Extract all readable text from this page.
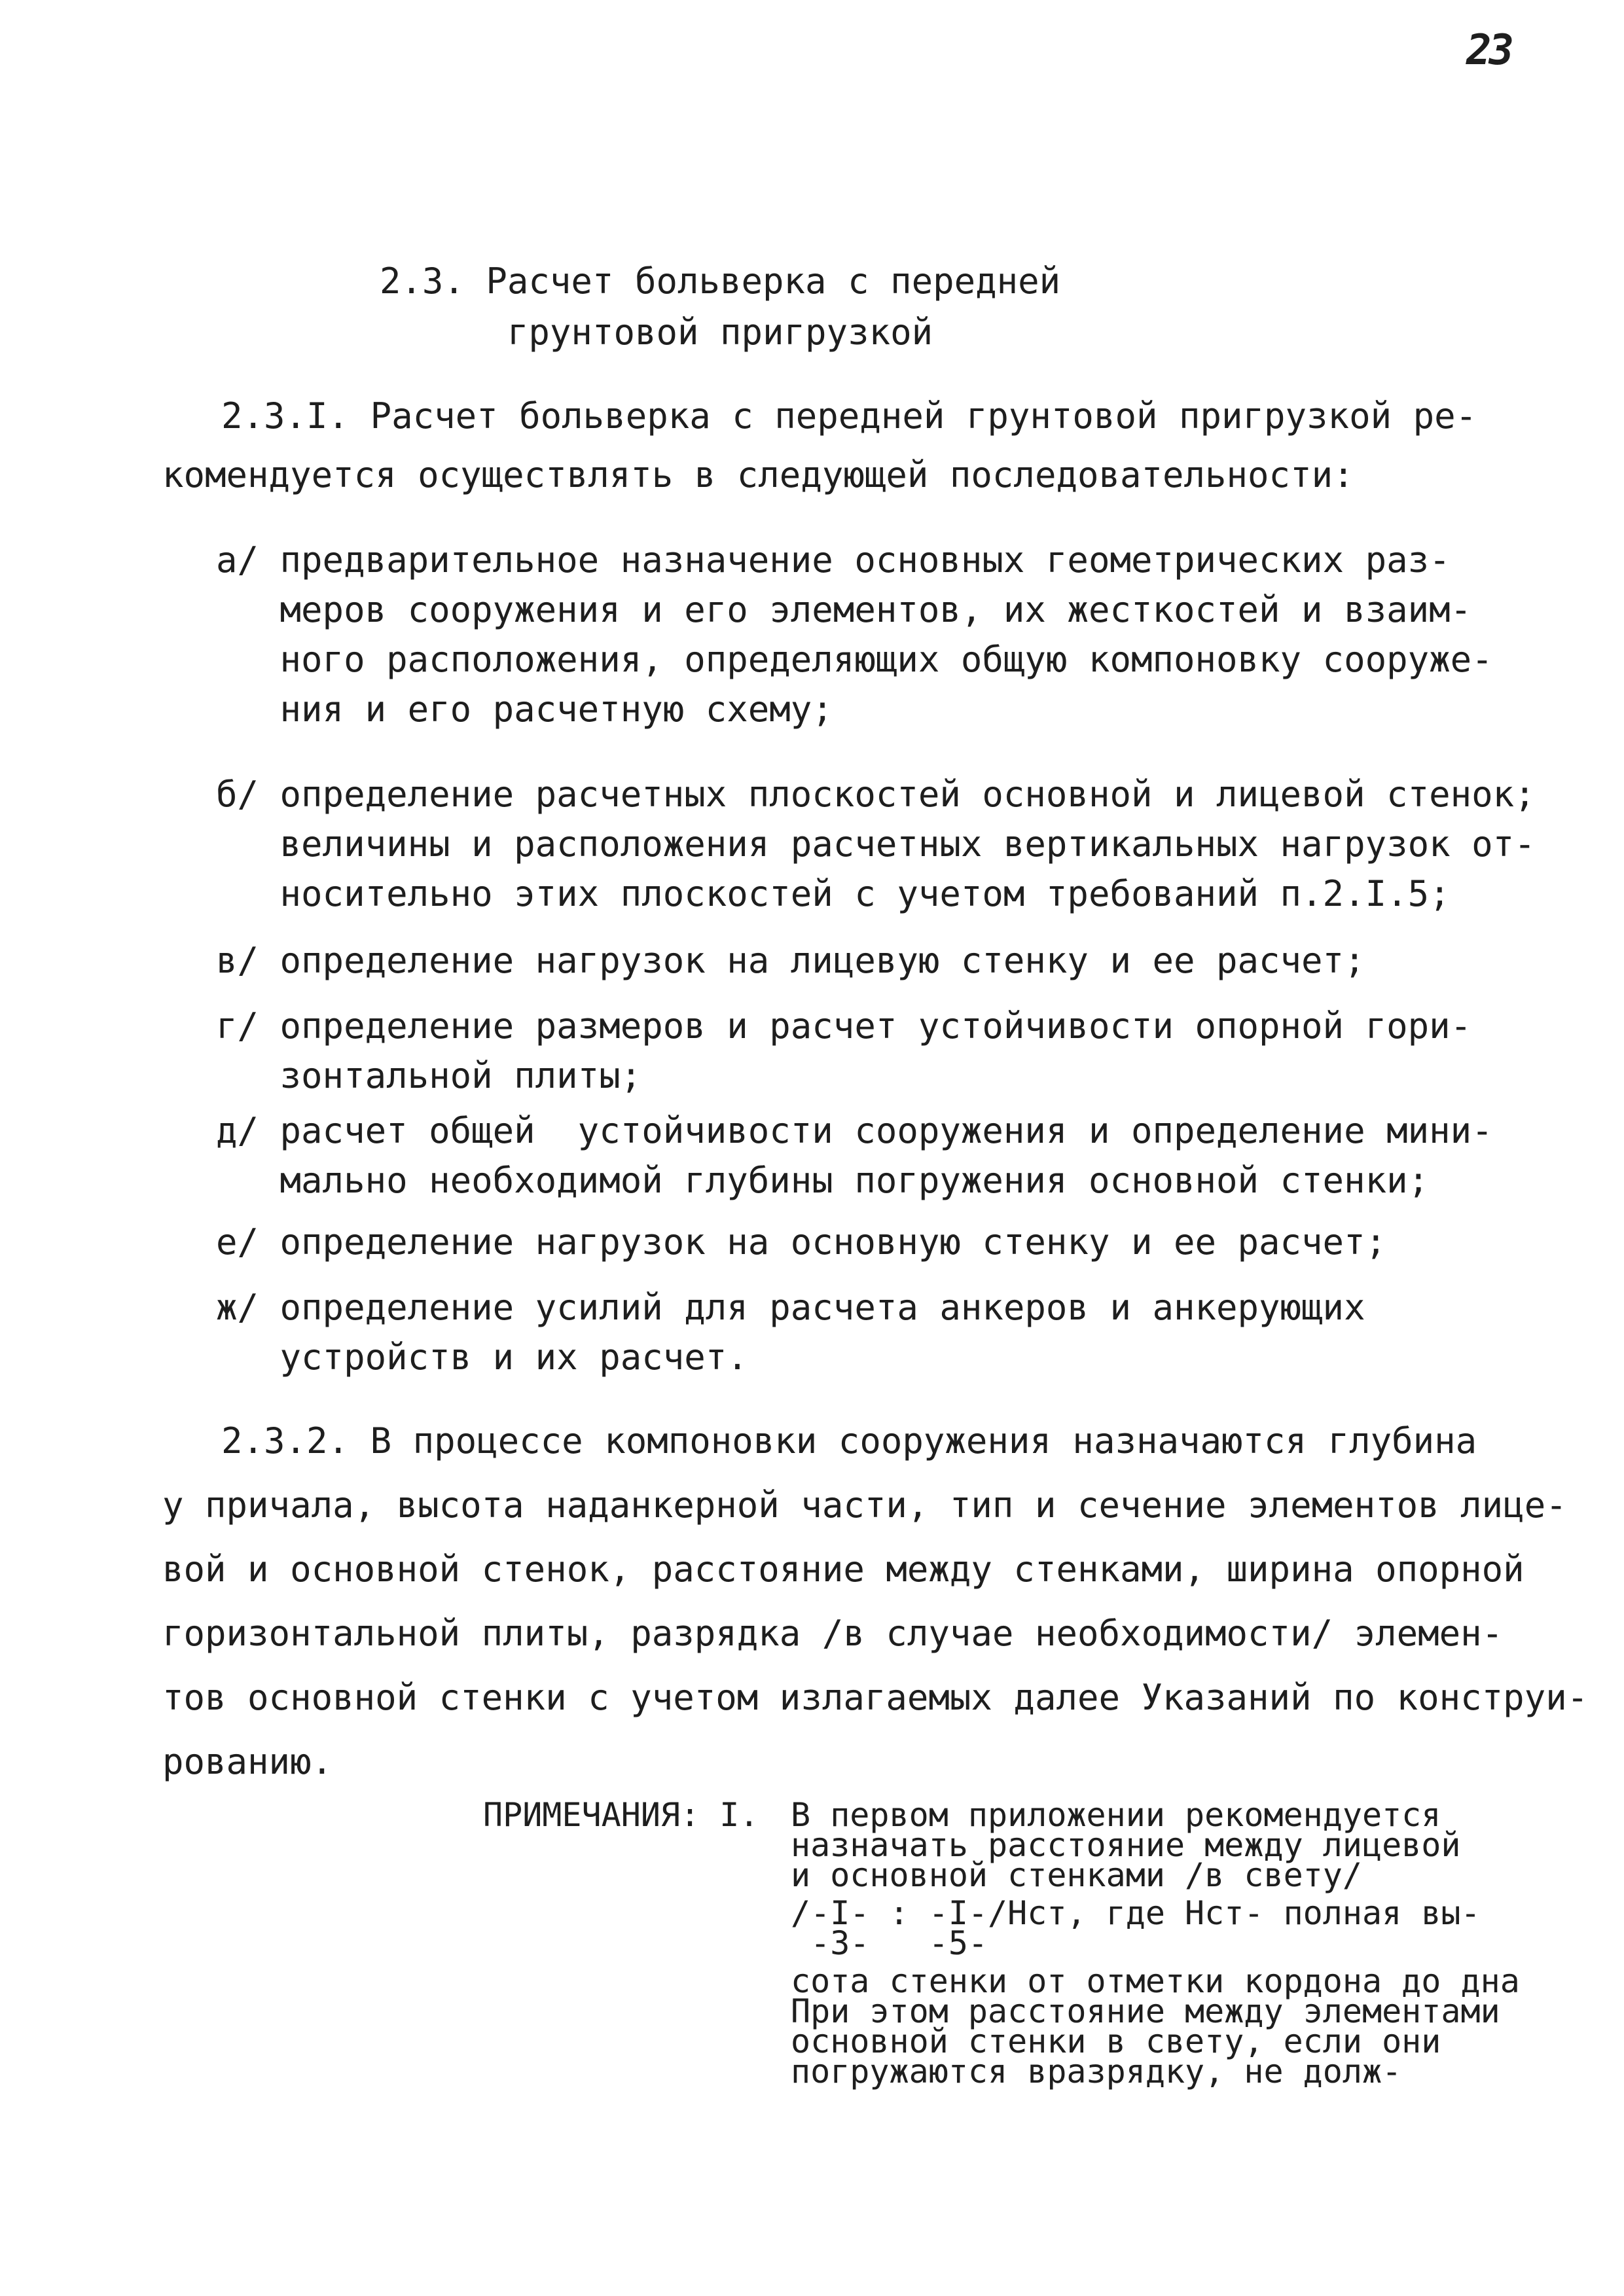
23
2.3. Расчет больверка с передней
грунтовой пригрузкой
2.3.I. Расчет больверка с передней грунтовой пригрузкой ре-
комендуется осуществлять в следующей последовательности:
а/ предварительное назначение основных геометрических раз-
меров сооружения и его элементов, их жесткостей и взаим-
ного расположения, определяющих общую компоновку сооруже-
ния и его расчетную схему;
б/ определение расчетных плоскостей основной и лицевой стенок;
величины и расположения расчетных вертикальных нагрузок от-
носительно этих плоскостей с учетом требований п.2.I.5;
в/ определение нагрузок на лицевую стенку и ее расчет;
г/ определение размеров и расчет устойчивости опорной гори-
зонтальной плиты;
д/ расчет общей  устойчивости сооружения и определение мини-
мально необходимой глубины погружения основной стенки;
е/ определение нагрузок на основную стенку и ее расчет;
ж/ определение усилий для расчета анкеров и анкерующих
устройств и их расчет.
2.3.2. В процессе компоновки сооружения назначаются глубина
у причала, высота наданкерной части, тип и сечение элементов лице-
вой и основной стенок, расстояние между стенками, ширина опорной
горизонтальной плиты, разрядка /в случае необходимости/ элемен-
тов основной стенки с учетом излагаемых далее Указаний по конструи-
рованию.
ПРИМЕЧАНИЯ: I. В первом приложении рекомендуется
назначать расстояние между лицевой
и основной стенками /в свету/
/-I- : -I-/Нст, где Нст- полная вы-
-3-   -5-
сота стенки от отметки кордона до дна
При этом расстояние между элементами
основной стенки в свету, если они
погружаются вразрядку, не долж-
